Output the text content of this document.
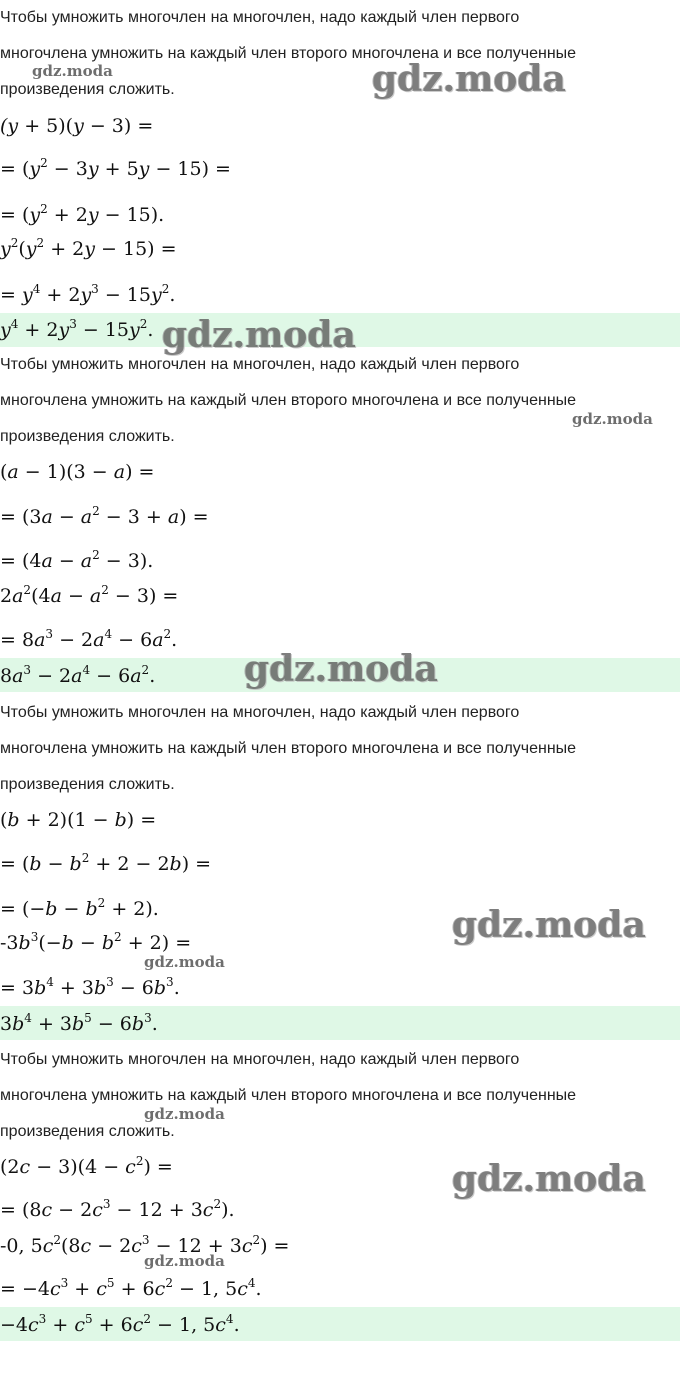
Чтобы умножить многочлен на многочлен, надо каждый член первого
многочлена умножить на каждый член второго многочлена и все полученные
произведения сложить.
(y + 5)(y − 3) =
= $(y^2 - 3y + 5y - 15)$ =
= $(y^2 + 2y - 15)$.
$y^2(y^2 + 2y - 15)$ =
= $y^4 + 2y^3 - 15y^2$.
$y^4 + 2y^3 - 15y^2$.
Чтобы умножить многочлен на многочлен, надо каждый член первого
многочлена умножить на каждый член второго многочлена и все полученные
произведения сложить.
(a − 1)(3 − a) =
= $(3a - a^2 - 3 + a)$ =
= $(4a - a^2 - 3)$.
$2a^2(4a - a^2 - 3)$ =
= $8a^3 - 2a^4 - 6a^2$.
$8a^3 - 2a^4 - 6a^2$.
Чтобы умножить многочлен на многочлен, надо каждый член первого
многочлена умножить на каждый член второго многочлена и все полученные
произведения сложить.
(b + 2)(1 − b) =
= $(b - b^2 + 2 - 2b)$ =
= $(-b - b^2 + 2)$.
$-3b^3(-b - b^2 + 2)$ =
= $3b^4 + 3b^3 - 6b^3$.
$3b^4 + 3b^5 - 6b^3$.
Чтобы умножить многочлен на многочлен, надо каждый член первого
многочлена умножить на каждый член второго многочлена и все полученные
произведения сложить.
$(2c - 3)(4 - c^2)$ =
= $(8c - 2c^3 - 12 + 3c^2)$.
-0, $5c^2(8c - 2c^3 - 12 + 3c^2)$ =
= $-4c^3 + c^5 + 6c^2 - 1$, $5c^4$.
$-4c^3 + c^5 + 6c^2 - 1$, $5c^4$.
gdz.moda	gdz.moda
gdz.moda
gdz.moda
gdz.moda
gdz.moda
gdz.moda
gdz.moda
gdz.moda
gdz.moda
